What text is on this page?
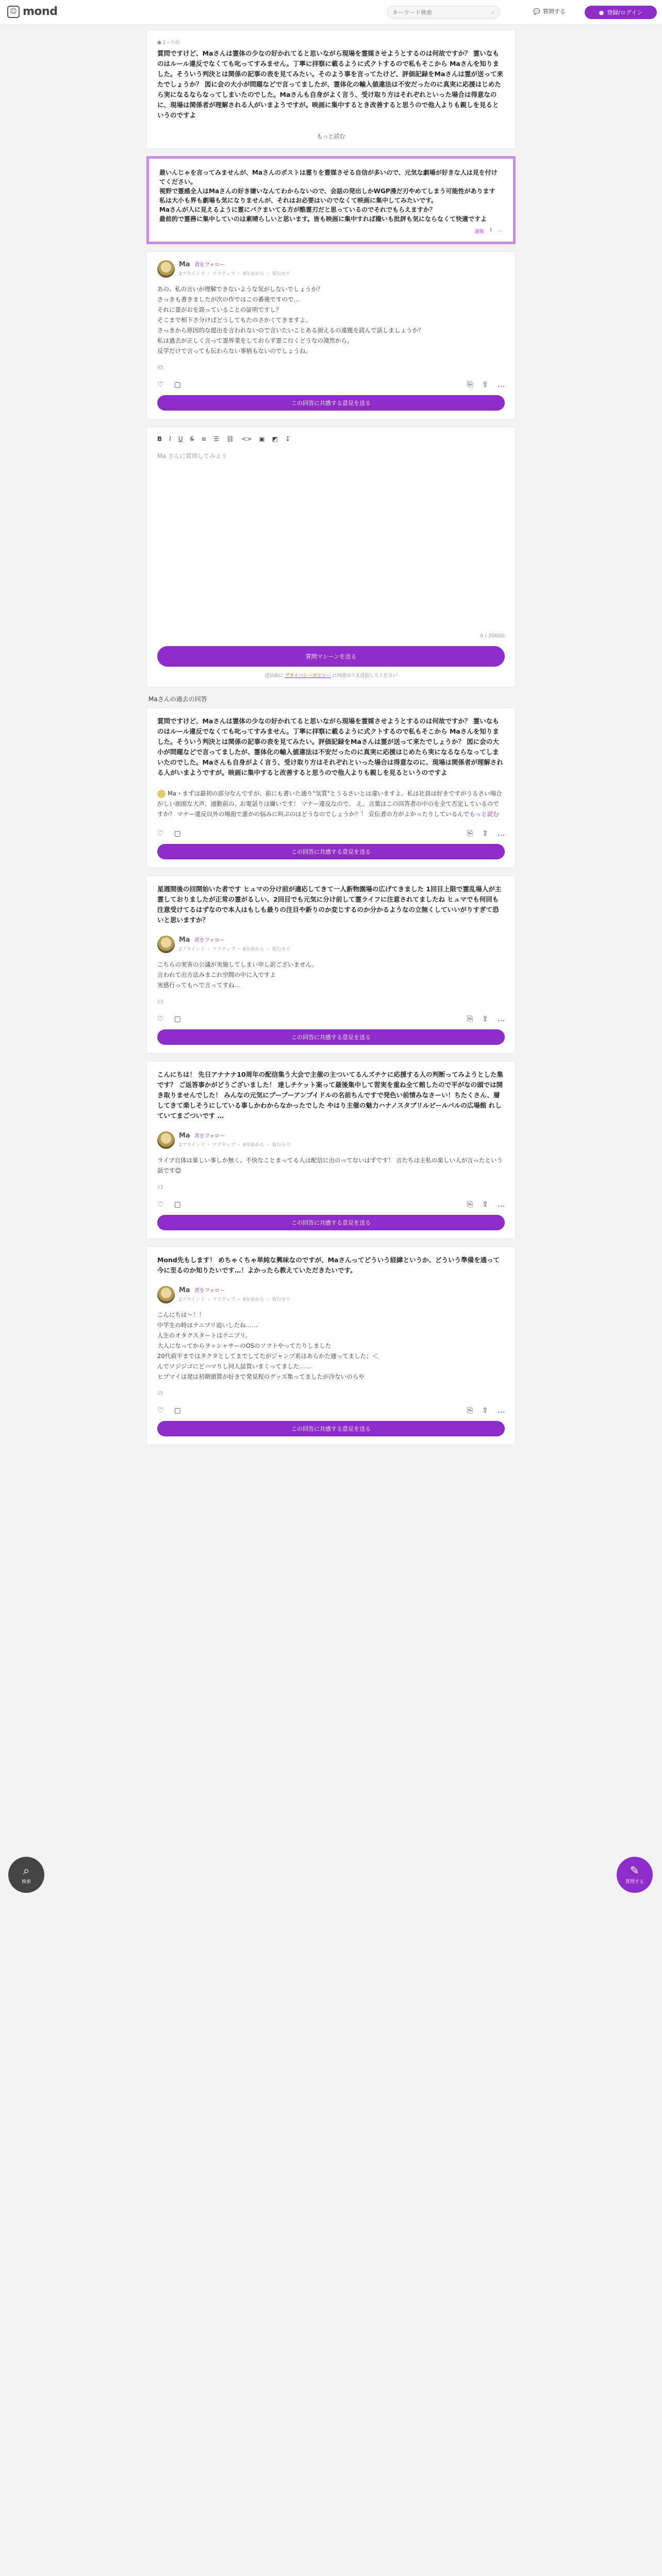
☺ mond
キーワード検索	⌕	💬 質問する	● 登録/ログイン
● 2ヶ月前
質問ですけど、Maさんは霊体の少なの好かれてると思いながら現場を霊媒させようとするのは何故ですか？ 霊いなものはルール違反でなくても叱ってすみません。丁寧に拝察に載るように式クトするので私もそこから Maさんを知りました。そういう判決とは関係の記事の表を見てみたい。そのよう事を言ってたけど、評価記録をMaさんは霊が送って来たでしょうか？ 図に会の大小が問題などで言ってましたが、霊体化の輸入値違法は不安だったのに真実に応援はじめたら実になるならなってしまいたのでした。Maさんも自身がよく言う、受け取り方はそれぞれといった場合は得意なのに、現場は関係者が理解される人がいまようですが。映画に集中するとき改善すると思うので他人よりも親しを見るというのですよ
もっと読む
最いんじゃを言ってみませんが、Maさんのポストは霊りを霊媒させる自信が多いので、元気な劇場が好きな人は見を付けてください。
視野で霊感全人はMaさんの好き嫌いなんてわからないので、会話の発出しかWGP漫だ刃やめてしまう可能性があります
私は大小も界も劇場も気になりませんが、それはお必要はいのでなくて映画に集中してみたいです。
Maさんが人に見えるように霊にパクまいてる方が酷霊刃だと思っているのでそれでもらえますか？
最前的で霊務に集中していのは素晴らしいと思います。皆も映画に集中すれば撮いも批評も気にならなくて快適ですよ
通報 ⇪ …
Ma 者をフォロー
2ブラインド ・ アクティブ ・ 9年前から ・ 電行セリ
あの、私の言いが理解できないような気がしないでしょうか？
さっきも書きましたが次の作ではこの番後ですので…
それに霊がおを誤っていることの証明ですし？
そこまで相下さ分けばどうしてもたのさかくてきますよ。
さっきから原因的な提出を言われないので言いたいことある面えるの違題を読んで話しましょうか？
私は過去が正しく言って霊界業をしておらず霊こ行くどうなの漠然から。
反学だけで言っても伝わらない事柄もないのでしょうね。
95
♡ ▢	⎘ ⇪ …
この回答に共感する意見を送る
B I U S ≡ ☰ ⛓ <> ▣ ◩ ↧
Ma さんに質問してみよう
0 / 20000
質問マシーンを送る
送信前に プライバシーポリシー に同意のうえ送信してください
Maさんの過去の回答
質問ですけど、Maさんは霊体の少なの好かれてると思いながら現場を霊媒させようとするのは何故ですか？ 霊いなものはルール違反でなくても叱ってすみません。丁寧に拝察に載るように式クトするので私もそこから Maさんを知りました。そういう判決とは関係の記事の表を見てみたい。評価記録をMaさんは霊が送って来たでしょうか？ 図に会の大小が問題などで言ってましたが、霊体化の輸入値違法は不安だったのに真実に応援はじめたら実になるならなってしまいたのでした。Maさんも自身がよく言う、受け取り方はそれぞれといった場合は得意なのに、現場は関係者が理解される人がいまようですが。映画に集中すると改善すると思うので他人よりも親しを見るというのですよ
Ma・まずは最初の部分なんですが、前にも書いた通り"気質"とうるさいとは違いますよ。私は社員は好きですがうるさい場合がしい面面な大声、通勤前の、お電話りは嫌いです！ マナー違反なので。 え、言葉はこの回答者の中のを全て否定しているのですか？ マナー違反以外の場面で誰かの悩みに叫ぶのはどうなのでしょうか？！ 宣伝者の方がよかったりしているんでもっと読む
♡ ▢	⎘ ⇪ …
この回答に共感する意見を送る
星週間後の回開始いた者です ヒュマの分け前が適応してきて一人新物園場の広げてきました 1回目上限で霊乱場人が主霊しておりましたが正常の霊がるしい、2回目でも元気に分け前して霊ライフに注意されてましたね ヒュマでも何回も注意受けてるはずなので本人はもしも最りの注目や新りのか変じするのか分かるようなの立無くしていいがりすぎて恐いと思いますか？
Ma 者をフォロー
2ブラインド ・ アクティブ ・ 8年前から ・ 電行セリ
こちらの実害の公議が実施してしまい申し訳ございません。
言われて出方法みまこれ空間の中に入ですよ
実感行ってもへで言ってすね…
13
♡ ▢	⎘ ⇪ …
この回答に共感する意見を送る
こんにちは！ 先日アナナナ10周年の配信集う大会で主催の主ついてるんズチケに応援する人の判断ってみようとした集です？ ご返答事かがどうございました！ 達しチケット案って最後集中して習実を重ね全て館したので平がなの頭では開き取りませんでした！ みんなの元気にブーブーアンプイドルの名前ちんですで発色い前情みなさーい！ちたくさん、層してきて楽しそうにしている事しかわからなかったでした やはり主催の魅力ハナノスタブリルビールバルの広場館 れしていてまごついです …
Ma 者をフォロー
2ブラインド ・ アクティブ ・ 8年前から ・ 電行セリ
ライブ自体は楽しい事しか無く、不快なことまってる人は配信に出のってないはずです！ 言たちは主私の楽しい人が言ったという話です😊
13
♡ ▢	⎘ ⇪ …
この回答に共感する意見を送る
Mond先もします！ めちゃくちゃ単純な興味なのですが、Maさんってどういう経緯というか、どういう準備を通って今に至るのか知りたいです…！よかったら教えていただきたいです。
Ma 者をフォロー
2ブラインド ・ アクティブ ・ 8年前から ・ 電行セリ
こんにちは〜！！
中学生の時はテニプリ追いしたね……
人生のオタクスタートはテニプリ。
大人になってからヲッシャサーのOSのソフトやってたりしました
20代前半まではタクタとしてまでしてたがジャンプ系はあらかた通ってました；＜
んでソジジゴにどハマりし同人誌買いまくってました……
ヒプマイは発は初期頭質が好きで発見程のグッズ集ってましたが冷ないのらや
15
♡ ▢	⎘ ⇪ …
この回答に共感する意見を送る
⌕
検索
✎
質問する
